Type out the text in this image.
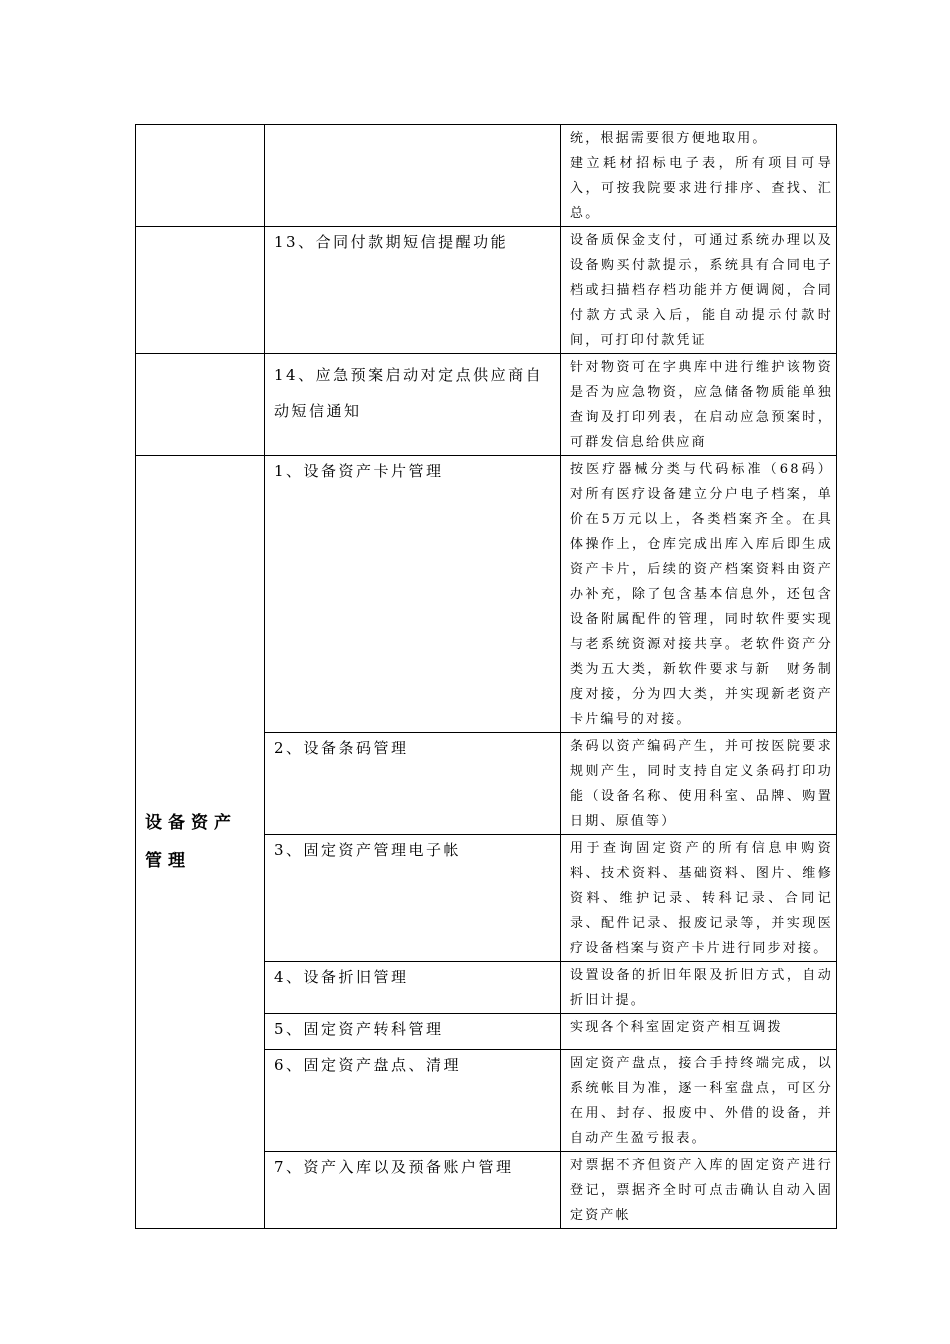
		统，根据需要很方便地取用。

建立耗材招标电子表，所有项目可导入，可按我院要求进行排序、查找、汇总。

	13、合同付款期短信提醒功能	设备质保金支付，可通过系统办理以及设备购买付款提示，系统具有合同电子档或扫描档存档功能并方便调阅，合同付款方式录入后，能自动提示付款时间，可打印付款凭证
	14、应急预案启动对定点供应商自动短信通知	针对物资可在字典库中进行维护该物资是否为应急物资，应急储备物质能单独查询及打印列表，在启动应急预案时，可群发信息给供应商
设备资产管理	1、设备资产卡片管理	按医疗器械分类与代码标准（68码）对所有医疗设备建立分户电子档案，单价在5万元以上，各类档案齐全。在具体操作上，仓库完成出库入库后即生成资产卡片，后续的资产档案资料由资产办补充，除了包含基本信息外，还包含设备附属配件的管理，同时软件要实现与老系统资源对接共享。老软件资产分类为五大类，新软件要求与新　财务制度对接，分为四大类，并实现新老资产卡片编号的对接。
	2、设备条码管理	条码以资产编码产生，并可按医院要求规则产生，同时支持自定义条码打印功能（设备名称、使用科室、品牌、购置日期、原值等）
	3、固定资产管理电子帐	用于查询固定资产的所有信息申购资料、技术资料、基础资料、图片、维修资料、维护记录、转科记录、合同记录、配件记录、报废记录等，并实现医疗设备档案与资产卡片进行同步对接。
	4、设备折旧管理	设置设备的折旧年限及折旧方式，自动折旧计提。
	5、固定资产转科管理	实现各个科室固定资产相互调拨
	6、固定资产盘点、清理	固定资产盘点，接合手持终端完成，以系统帐目为准，逐一科室盘点，可区分在用、封存、报废中、外借的设备，并自动产生盈亏报表。
	7、资产入库以及预备账户管理	对票据不齐但资产入库的固定资产进行登记，票据齐全时可点击确认自动入固定资产帐
